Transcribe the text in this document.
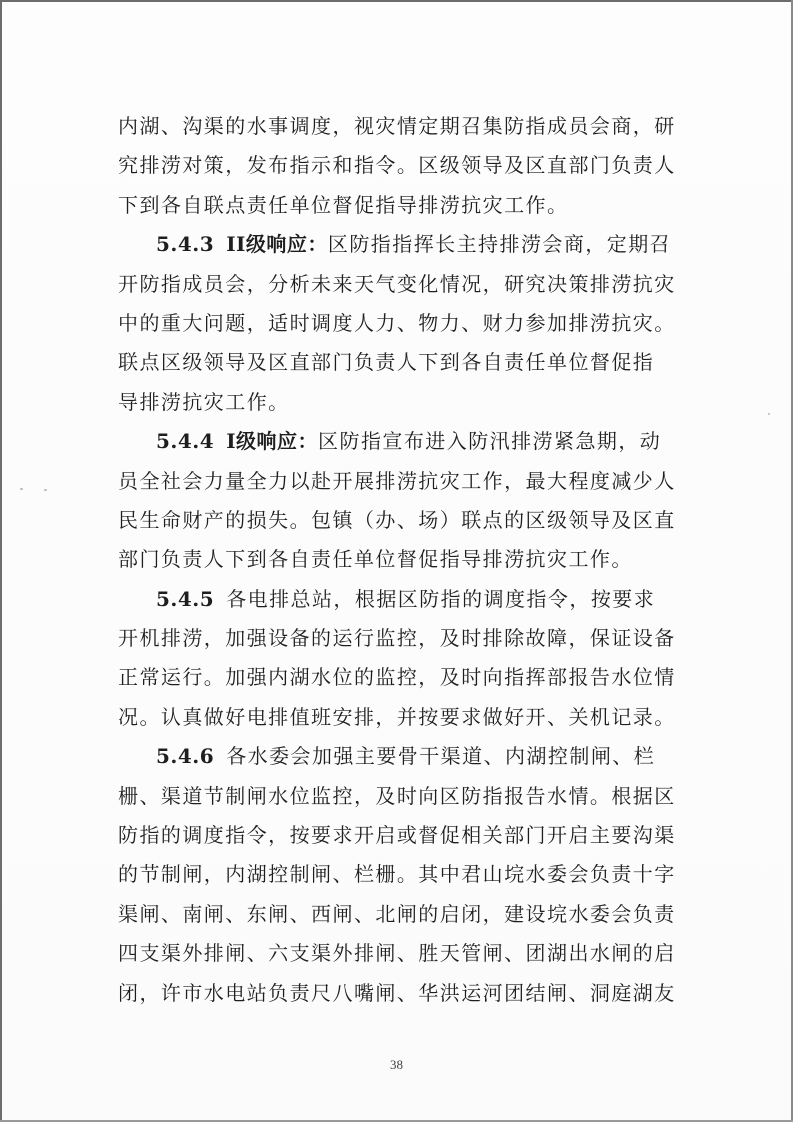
内湖、沟渠的水事调度，视灾情定期召集防指成员会商，研
究排涝对策，发布指示和指令。区级领导及区直部门负责人
下到各自联点责任单位督促指导排涝抗灾工作。
5.4.3 II级响应：区防指指挥长主持排涝会商，定期召
开防指成员会，分析未来天气变化情况，研究决策排涝抗灾
中的重大问题，适时调度人力、物力、财力参加排涝抗灾。
联点区级领导及区直部门负责人下到各自责任单位督促指
导排涝抗灾工作。
5.4.4 I级响应：区防指宣布进入防汛排涝紧急期，动
员全社会力量全力以赴开展排涝抗灾工作，最大程度减少人
民生命财产的损失。包镇（办、场）联点的区级领导及区直
部门负责人下到各自责任单位督促指导排涝抗灾工作。
5.4.5 各电排总站，根据区防指的调度指令，按要求
开机排涝，加强设备的运行监控，及时排除故障，保证设备
正常运行。加强内湖水位的监控，及时向指挥部报告水位情
况。认真做好电排值班安排，并按要求做好开、关机记录。
5.4.6 各水委会加强主要骨干渠道、内湖控制闸、栏
栅、渠道节制闸水位监控，及时向区防指报告水情。根据区
防指的调度指令，按要求开启或督促相关部门开启主要沟渠
的节制闸，内湖控制闸、栏栅。其中君山垸水委会负责十字
渠闸、南闸、东闸、西闸、北闸的启闭，建设垸水委会负责
四支渠外排闸、六支渠外排闸、胜天管闸、团湖出水闸的启
闭，许市水电站负责尺八嘴闸、华洪运河团结闸、洞庭湖友
38
